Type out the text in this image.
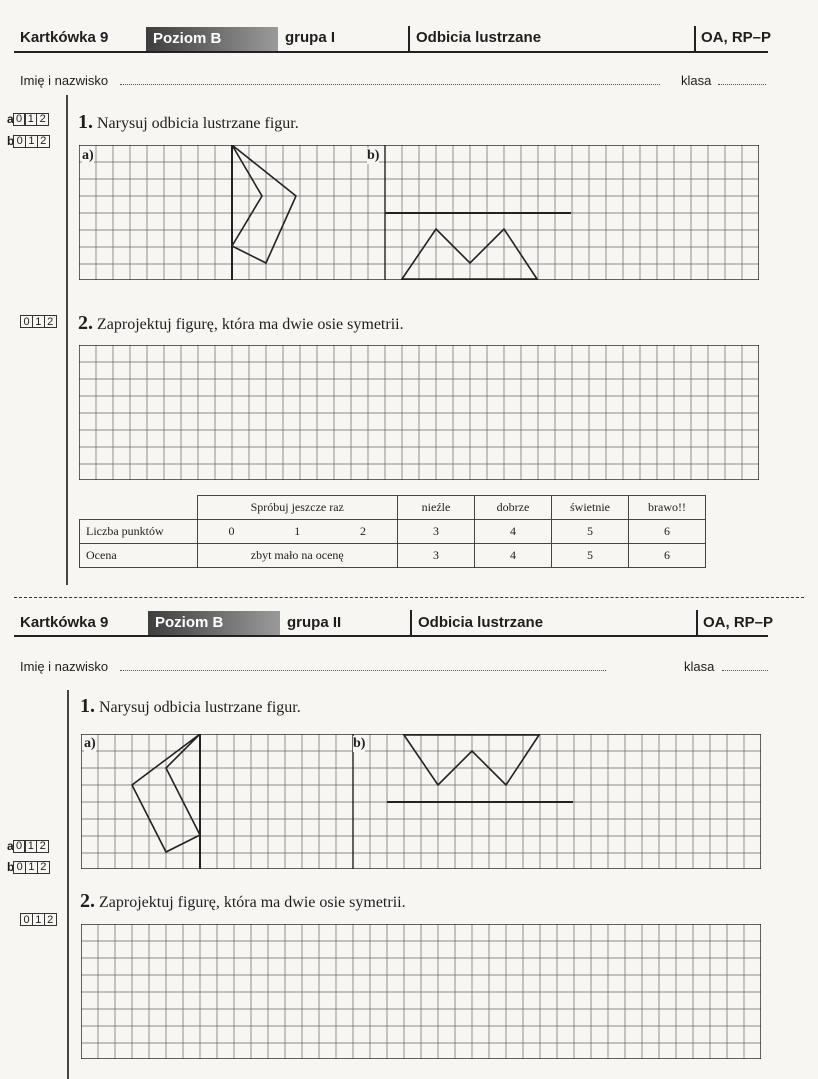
Kartkówka 9	Poziom B	grupa I	Odbicia lustrzane	OA, RP–P
Imię i nazwisko	klasa
a 0 1 2
b 0 1 2
1. Narysuj odbicia lustrzane figur.
a)	b)
0 1 2 2. Zaprojektuj figurę, która ma dwie osie symetrii.
	Spróbuj jeszcze raz			nieźle	dobrze	świetnie	brawo!!
Liczba punktów	0	1	2	3	4	5	6
Ocena	zbyt mało na ocenę			3	4	5	6
Kartkówka 9	Poziom B	grupa II	Odbicia lustrzane	OA, RP–P
Imię i nazwisko	klasa
1. Narysuj odbicia lustrzane figur.
a)	b)
a 0 1 2
b 0 1 2
0 1 2
2. Zaprojektuj figurę, która ma dwie osie symetrii.
